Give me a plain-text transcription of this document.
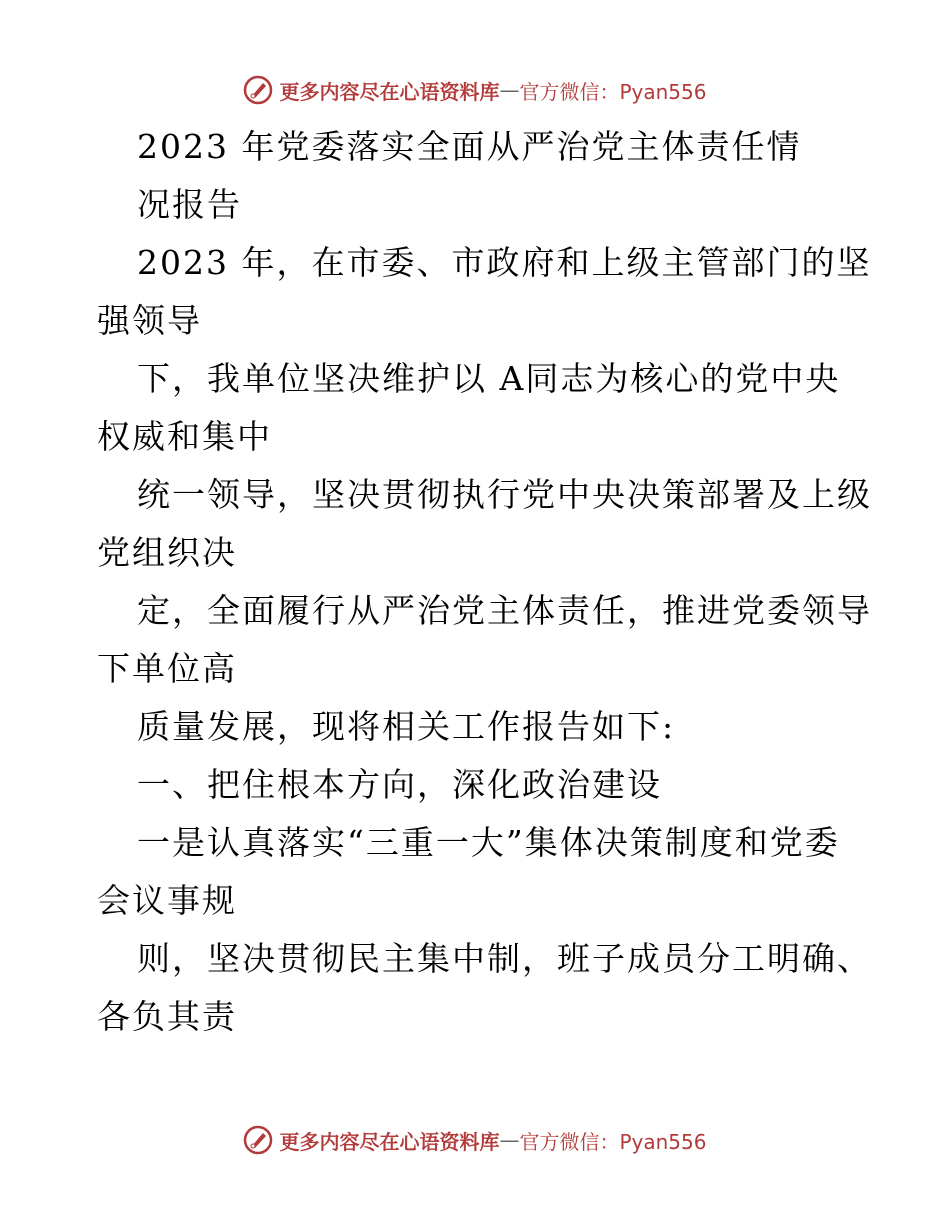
更多内容尽在心语资料库 — 官方微信：Pyan556
2023 年党委落实全面从严治党主体责任情
况报告
2023 年，在市委、市政府和上级主管部门的坚
强领导
下，我单位坚决维护以 A同志为核心的党中央
权威和集中
统一领导，坚决贯彻执行党中央决策部署及上级
党组织决
定，全面履行从严治党主体责任，推进党委领导
下单位高
质量发展，现将相关工作报告如下:
一、把住根本方向，深化政治建设
一是认真落实“三重一大”集体决策制度和党委
会议事规
则，坚决贯彻民主集中制，班子成员分工明确、
各负其责
更多内容尽在心语资料库 — 官方微信：Pyan556
